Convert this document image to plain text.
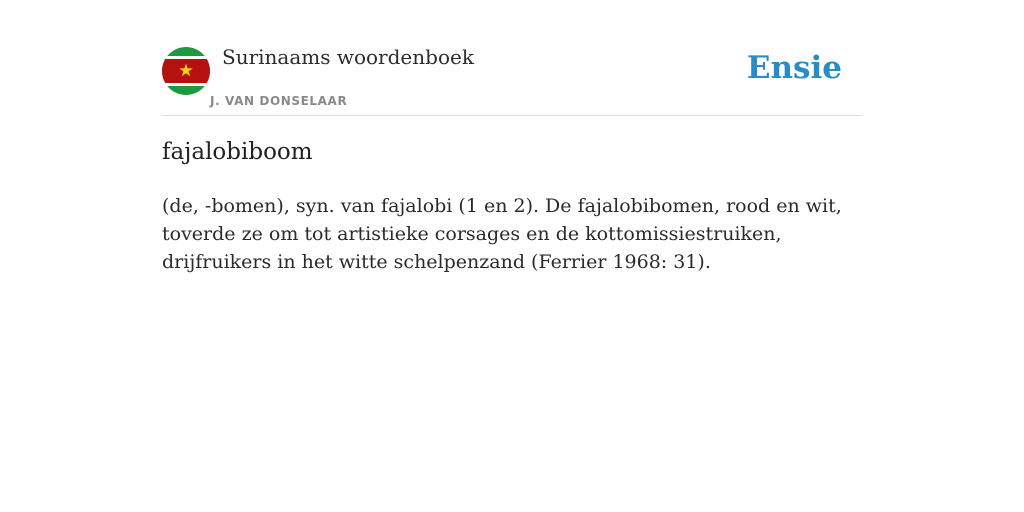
Surinaams woordenboek
J. VAN DONSELAAR
Ensie
fajalobiboom

(de, -bomen), syn. van fajalobi (1 en 2). De fajalobibomen, rood en wit, toverde ze om tot artistieke corsages en de kottomissiestruiken, drijfruikers in het witte schelpenzand (Ferrier 1968: 31).
